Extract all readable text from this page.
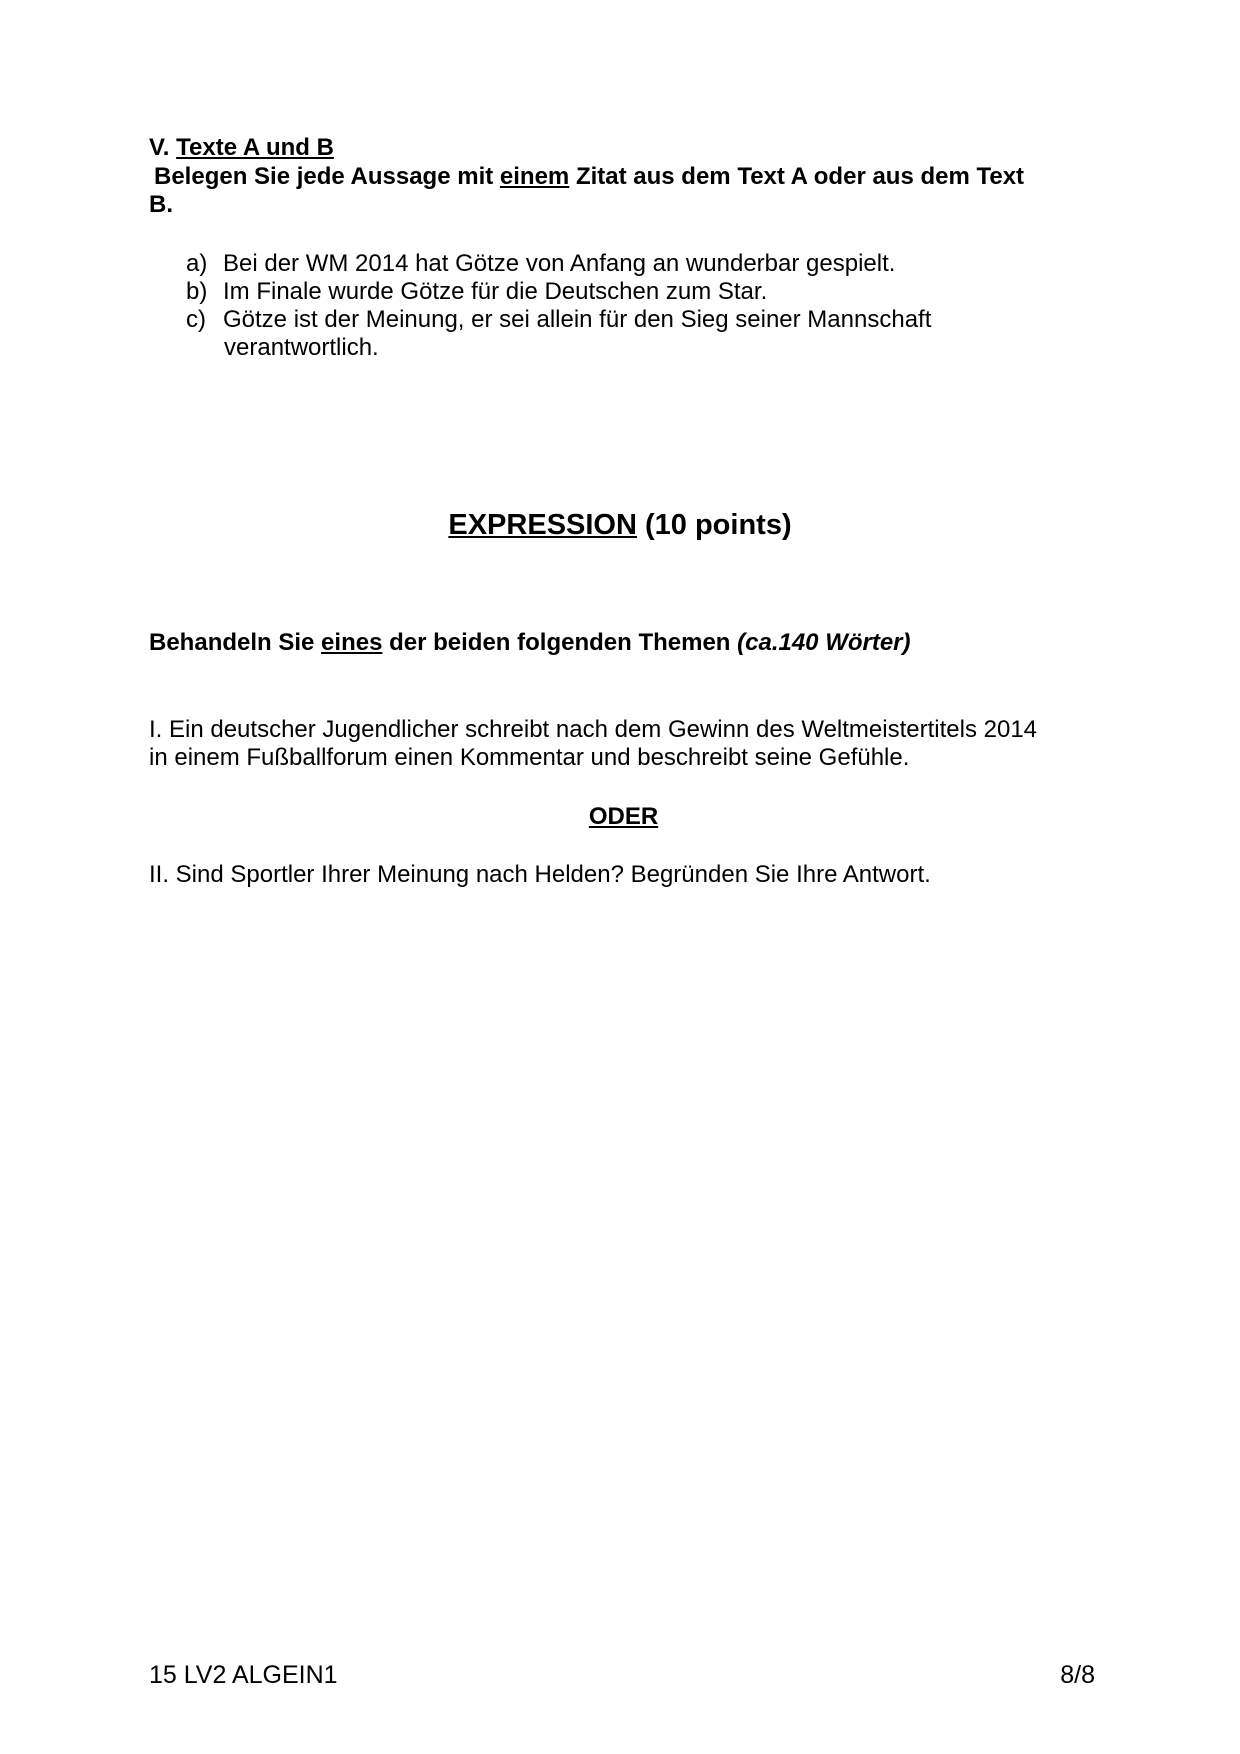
V. Texte A und B
Belegen Sie jede Aussage mit einem Zitat aus dem Text A oder aus dem Text
B.
a) Bei der WM 2014 hat Götze von Anfang an wunderbar gespielt.
b) Im Finale wurde Götze für die Deutschen zum Star.
c) Götze ist der Meinung, er sei allein für den Sieg seiner Mannschaft
verantwortlich.
EXPRESSION (10 points)
Behandeln Sie eines der beiden folgenden Themen (ca.140 Wörter)
I. Ein deutscher Jugendlicher schreibt nach dem Gewinn des Weltmeistertitels 2014
in einem Fußballforum einen Kommentar und beschreibt seine Gefühle.
ODER
II. Sind Sportler Ihrer Meinung nach Helden? Begründen Sie Ihre Antwort.
15 LV2 ALGEIN1	8/8
